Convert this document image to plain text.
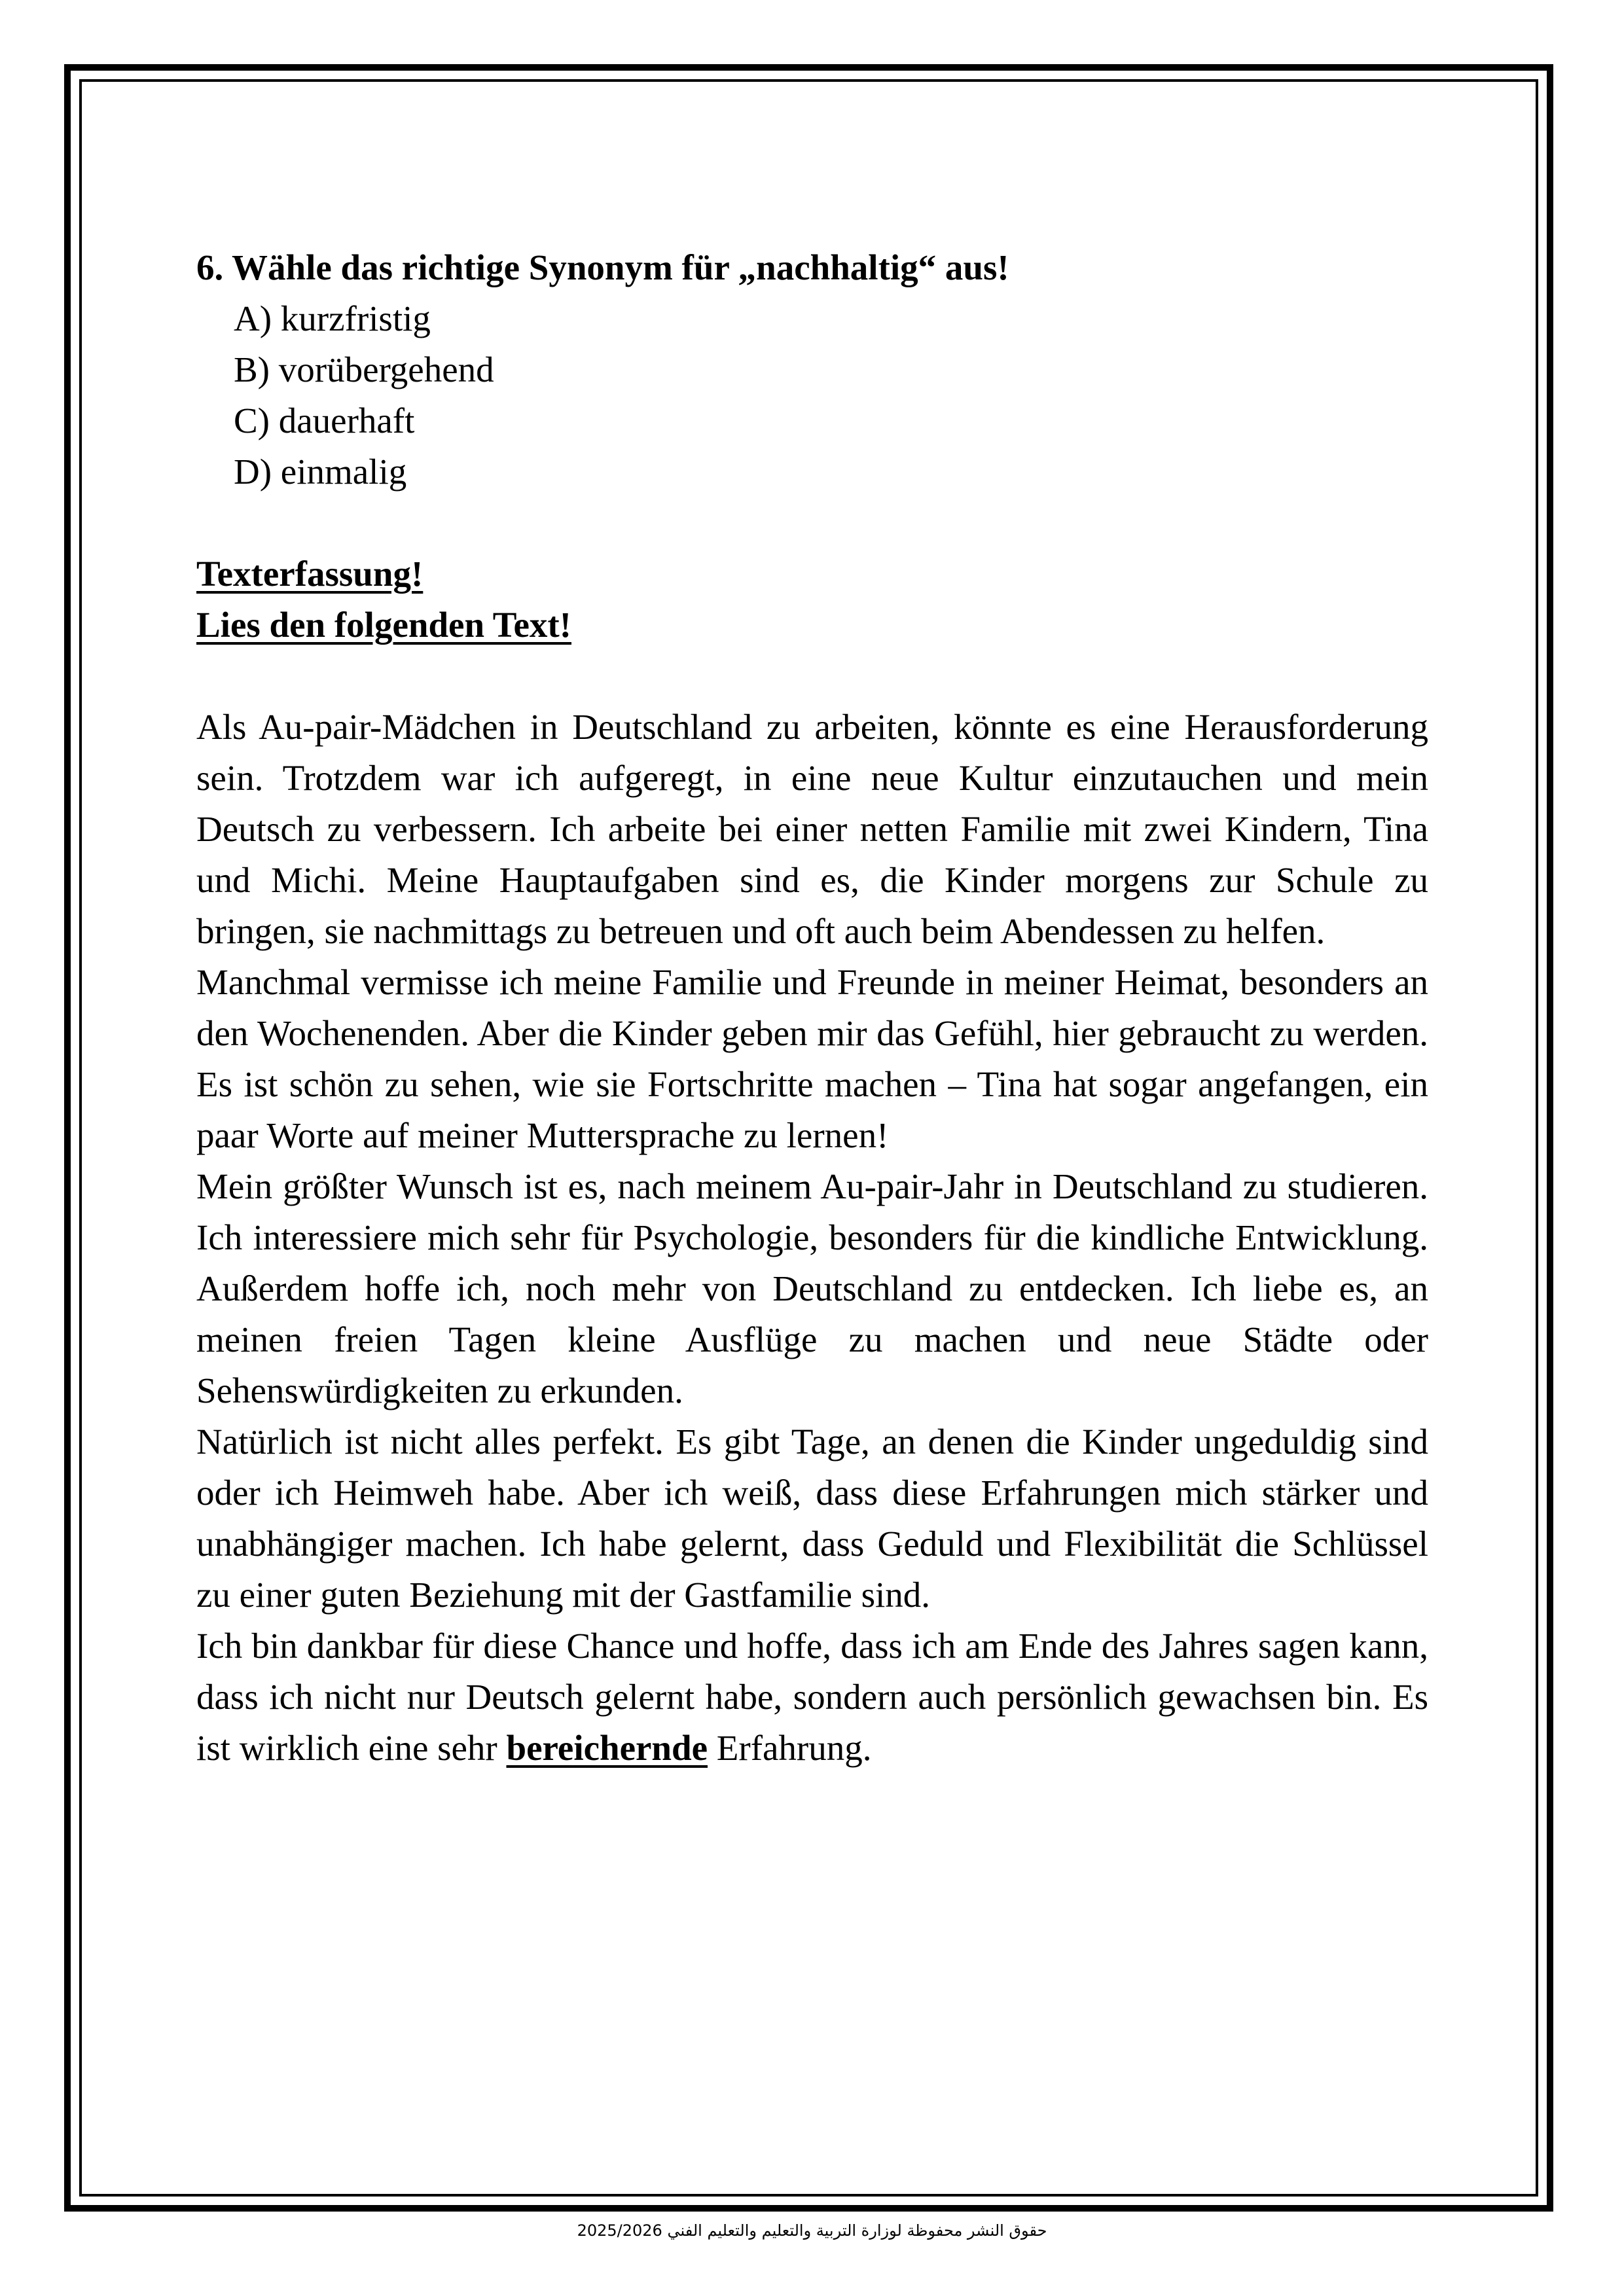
6. Wähle das richtige Synonym für „nachhaltig“ aus!

A) kurzfristig
B) vorübergehend
C) dauerhaft
D) einmalig

Texterfassung!

Lies den folgenden Text!

Als Au-pair-Mädchen in Deutschland zu arbeiten, könnte es eine Herausforderung sein. Trotzdem war ich aufgeregt, in eine neue Kultur einzutauchen und mein Deutsch zu verbessern. Ich arbeite bei einer netten Familie mit zwei Kindern, Tina und Michi. Meine Hauptaufgaben sind es, die Kinder morgens zur Schule zu bringen, sie nachmittags zu betreuen und oft auch beim Abendessen zu helfen.

Manchmal vermisse ich meine Familie und Freunde in meiner Heimat, besonders an den Wochenenden. Aber die Kinder geben mir das Gefühl, hier gebraucht zu werden. Es ist schön zu sehen, wie sie Fortschritte machen – Tina hat sogar angefangen, ein paar Worte auf meiner Muttersprache zu lernen!

Mein größter Wunsch ist es, nach meinem Au-pair-Jahr in Deutschland zu studieren. Ich interessiere mich sehr für Psychologie, besonders für die kindliche Entwicklung. Außerdem hoffe ich, noch mehr von Deutschland zu entdecken. Ich liebe es, an meinen freien Tagen kleine Ausflüge zu machen und neue Städte oder Sehenswürdigkeiten zu erkunden.

Natürlich ist nicht alles perfekt. Es gibt Tage, an denen die Kinder ungeduldig sind oder ich Heimweh habe. Aber ich weiß, dass diese Erfahrungen mich stärker und unabhängiger machen. Ich habe gelernt, dass Geduld und Flexibilität die Schlüssel zu einer guten Beziehung mit der Gastfamilie sind.

Ich bin dankbar für diese Chance und hoffe, dass ich am Ende des Jahres sagen kann, dass ich nicht nur Deutsch gelernt habe, sondern auch persönlich gewachsen bin. Es ist wirklich eine sehr bereichernde Erfahrung.

حقوق النشر محفوظة لوزارة التربية والتعليم والتعليم الفني 2025/2026
